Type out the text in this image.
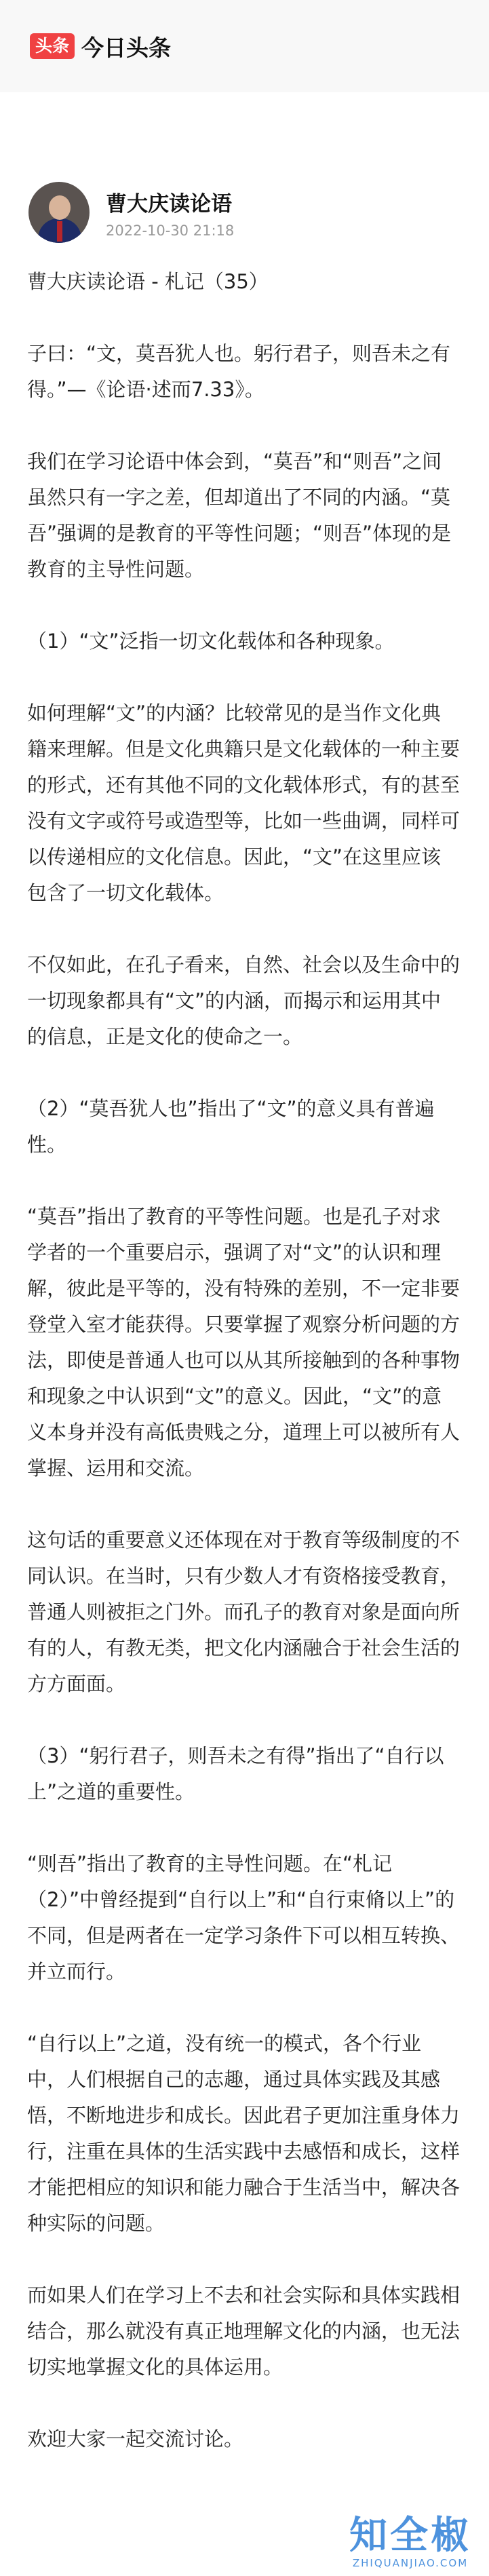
头条 今日头条
曹大庆读论语
2022-10-30 21:18

曹大庆读论语 - 札记（35）

子曰：“文，莫吾犹人也。躬行君子，则吾未之有得。”—《论语·述而7.33》。

我们在学习论语中体会到，“莫吾”和“则吾”之间虽然只有一字之差，但却道出了不同的内涵。“莫吾”强调的是教育的平等性问题；“则吾”体现的是教育的主导性问题。

（1）“文”泛指一切文化载体和各种现象。

如何理解“文”的内涵？比较常见的是当作文化典籍来理解。但是文化典籍只是文化载体的一种主要的形式，还有其他不同的文化载体形式，有的甚至没有文字或符号或造型等，比如一些曲调，同样可以传递相应的文化信息。因此，“文”在这里应该包含了一切文化载体。

不仅如此，在孔子看来，自然、社会以及生命中的一切现象都具有“文”的内涵，而揭示和运用其中的信息，正是文化的使命之一。

（2）“莫吾犹人也”指出了“文”的意义具有普遍性。

“莫吾”指出了教育的平等性问题。也是孔子对求学者的一个重要启示，强调了对“文”的认识和理解，彼此是平等的，没有特殊的差别，不一定非要登堂入室才能获得。只要掌握了观察分析问题的方法，即使是普通人也可以从其所接触到的各种事物和现象之中认识到“文”的意义。因此，“文”的意义本身并没有高低贵贱之分，道理上可以被所有人掌握、运用和交流。

这句话的重要意义还体现在对于教育等级制度的不同认识。在当时，只有少数人才有资格接受教育，普通人则被拒之门外。而孔子的教育对象是面向所有的人，有教无类，把文化内涵融合于社会生活的方方面面。

（3）“躬行君子，则吾未之有得”指出了“自行以上”之道的重要性。

“则吾”指出了教育的主导性问题。在“札记（2）”中曾经提到“自行以上”和“自行束脩以上”的不同，但是两者在一定学习条件下可以相互转换、并立而行。

“自行以上”之道，没有统一的模式，各个行业中，人们根据自己的志趣，通过具体实践及其感悟，不断地进步和成长。因此君子更加注重身体力行，注重在具体的生活实践中去感悟和成长，这样才能把相应的知识和能力融合于生活当中，解决各种实际的问题。

而如果人们在学习上不去和社会实际和具体实践相结合，那么就没有真正地理解文化的内涵，也无法切实地掌握文化的具体运用。

欢迎大家一起交流讨论。

知全椒
ZHIQUANJIAO.COM
